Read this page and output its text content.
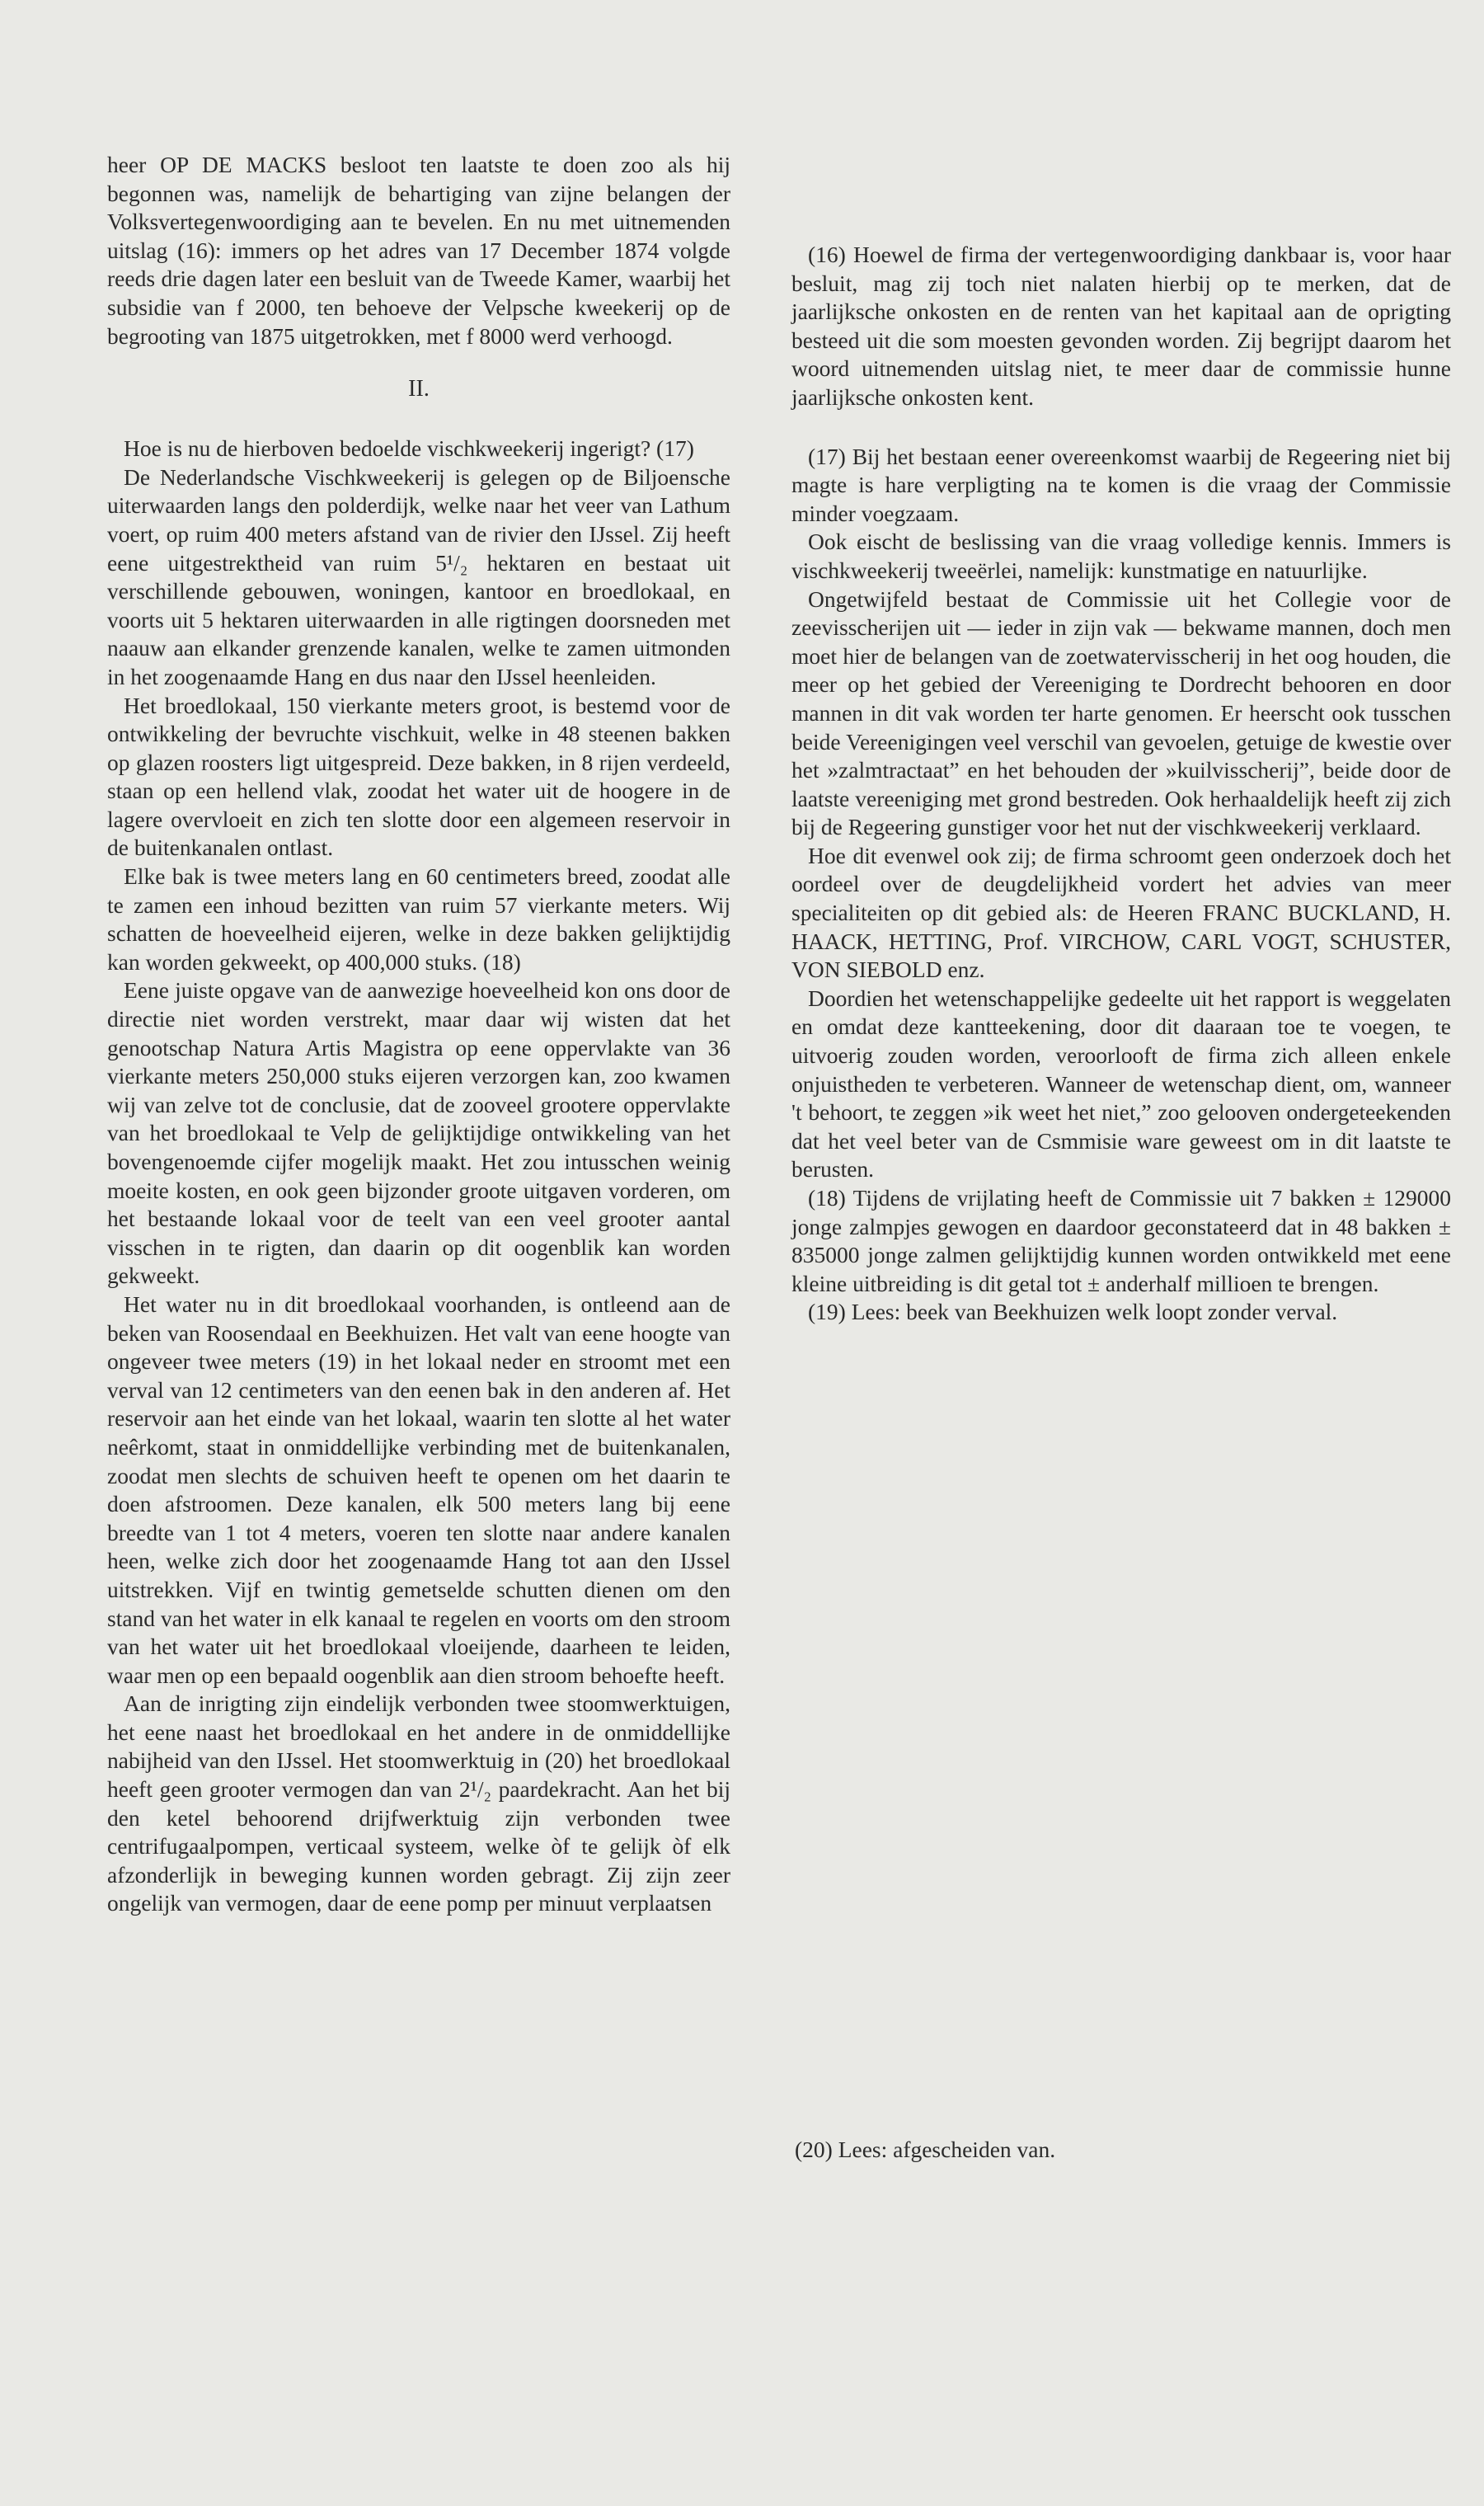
heer OP DE MACKS besloot ten laatste te doen zoo als hij begonnen was, namelijk de behartiging van zijne belangen der Volksvertegenwoordiging aan te bevelen. En nu met uitnemenden uitslag (16): immers op het adres van 17 December 1874 volgde reeds drie dagen later een besluit van de Tweede Kamer, waarbij het subsidie van f 2000, ten behoeve der Velpsche kweekerij op de begrooting van 1875 uitgetrokken, met f 8000 werd verhoogd.

II.

Hoe is nu de hierboven bedoelde vischkweekerij ingerigt? (17)

De Nederlandsche Vischkweekerij is gelegen op de Biljoensche uiterwaarden langs den polderdijk, welke naar het veer van Lathum voert, op ruim 400 meters afstand van de rivier den IJssel. Zij heeft eene uitgestrektheid van ruim 5¹/₂ hektaren en bestaat uit verschillende gebouwen, woningen, kantoor en broedlokaal, en voorts uit 5 hektaren uiterwaarden in alle rigtingen doorsneden met naauw aan elkander grenzende kanalen, welke te zamen uitmonden in het zoogenaamde Hang en dus naar den IJssel heenleiden.

Het broedlokaal, 150 vierkante meters groot, is bestemd voor de ontwikkeling der bevruchte vischkuit, welke in 48 steenen bakken op glazen roosters ligt uitgespreid. Deze bakken, in 8 rijen verdeeld, staan op een hellend vlak, zoodat het water uit de hoogere in de lagere overvloeit en zich ten slotte door een algemeen reservoir in de buitenkanalen ontlast.

Elke bak is twee meters lang en 60 centimeters breed, zoodat alle te zamen een inhoud bezitten van ruim 57 vierkante meters. Wij schatten de hoeveelheid eijeren, welke in deze bakken gelijktijdig kan worden gekweekt, op 400,000 stuks. (18)

Eene juiste opgave van de aanwezige hoeveelheid kon ons door de directie niet worden verstrekt, maar daar wij wisten dat het genootschap Natura Artis Magistra op eene oppervlakte van 36 vierkante meters 250,000 stuks eijeren verzorgen kan, zoo kwamen wij van zelve tot de conclusie, dat de zooveel grootere oppervlakte van het broedlokaal te Velp de gelijktijdige ontwikkeling van het bovengenoemde cijfer mogelijk maakt. Het zou intusschen weinig moeite kosten, en ook geen bijzonder groote uitgaven vorderen, om het bestaande lokaal voor de teelt van een veel grooter aantal visschen in te rigten, dan daarin op dit oogenblik kan worden gekweekt.

Het water nu in dit broedlokaal voorhanden, is ontleend aan de beken van Roosendaal en Beekhuizen. Het valt van eene hoogte van ongeveer twee meters (19) in het lokaal neder en stroomt met een verval van 12 centimeters van den eenen bak in den anderen af. Het reservoir aan het einde van het lokaal, waarin ten slotte al het water neêrkomt, staat in onmiddellijke verbinding met de buitenkanalen, zoodat men slechts de schuiven heeft te openen om het daarin te doen afstroomen. Deze kanalen, elk 500 meters lang bij eene breedte van 1 tot 4 meters, voeren ten slotte naar andere kanalen heen, welke zich door het zoogenaamde Hang tot aan den IJssel uitstrekken. Vijf en twintig gemetselde schutten dienen om den stand van het water in elk kanaal te regelen en voorts om den stroom van het water uit het broedlokaal vloeijende, daarheen te leiden, waar men op een bepaald oogenblik aan dien stroom behoefte heeft.

Aan de inrigting zijn eindelijk verbonden twee stoomwerktuigen, het eene naast het broedlokaal en het andere in de onmiddellijke nabijheid van den IJssel. Het stoomwerktuig in (20) het broedlokaal heeft geen grooter vermogen dan van 2¹/₂ paardekracht. Aan het bij den ketel behoorend drijfwerktuig zijn verbonden twee centrifugaalpompen, verticaal systeem, welke òf te gelijk òf elk afzonderlijk in beweging kunnen worden gebragt. Zij zijn zeer ongelijk van vermogen, daar de eene pomp per minuut verplaatsen

(16) Hoewel de firma der vertegenwoordiging dankbaar is, voor haar besluit, mag zij toch niet nalaten hierbij op te merken, dat de jaarlijksche onkosten en de renten van het kapitaal aan de oprigting besteed uit die som moesten gevonden worden. Zij begrijpt daarom het woord uitnemenden uitslag niet, te meer daar de commissie hunne jaarlijksche onkosten kent.

(17) Bij het bestaan eener overeenkomst waarbij de Regeering niet bij magte is hare verpligting na te komen is die vraag der Commissie minder voegzaam.

Ook eischt de beslissing van die vraag volledige kennis. Immers is vischkweekerij tweeërlei, namelijk: kunstmatige en natuurlijke.

Ongetwijfeld bestaat de Commissie uit het Collegie voor de zeevisscherijen uit — ieder in zijn vak — bekwame mannen, doch men moet hier de belangen van de zoetwatervisscherij in het oog houden, die meer op het gebied der Vereeniging te Dordrecht behooren en door mannen in dit vak worden ter harte genomen. Er heerscht ook tusschen beide Vereenigingen veel verschil van gevoelen, getuige de kwestie over het »zalmtractaat” en het behouden der »kuilvisscherij”, beide door de laatste vereeniging met grond bestreden. Ook herhaaldelijk heeft zij zich bij de Regeering gunstiger voor het nut der vischkweekerij verklaard.

Hoe dit evenwel ook zij; de firma schroomt geen onderzoek doch het oordeel over de deugdelijkheid vordert het advies van meer specialiteiten op dit gebied als: de Heeren FRANC BUCKLAND, H. HAACK, HETTING, Prof. VIRCHOW, CARL VOGT, SCHUSTER, VON SIEBOLD enz.

Doordien het wetenschappelijke gedeelte uit het rapport is weggelaten en omdat deze kantteekening, door dit daaraan toe te voegen, te uitvoerig zouden worden, veroorlooft de firma zich alleen enkele onjuistheden te verbeteren. Wanneer de wetenschap dient, om, wanneer 't behoort, te zeggen »ik weet het niet,” zoo gelooven ondergeteekenden dat het veel beter van de Csmmisie ware geweest om in dit laatste te berusten.

(18) Tijdens de vrijlating heeft de Commissie uit 7 bakken ± 129000 jonge zalmpjes gewogen en daardoor geconstateerd dat in 48 bakken ± 835000 jonge zalmen gelijktijdig kunnen worden ontwikkeld met eene kleine uitbreiding is dit getal tot ± anderhalf millioen te brengen.

(19) Lees: beek van Beekhuizen welk loopt zonder verval.

(20) Lees: afgescheiden van.
